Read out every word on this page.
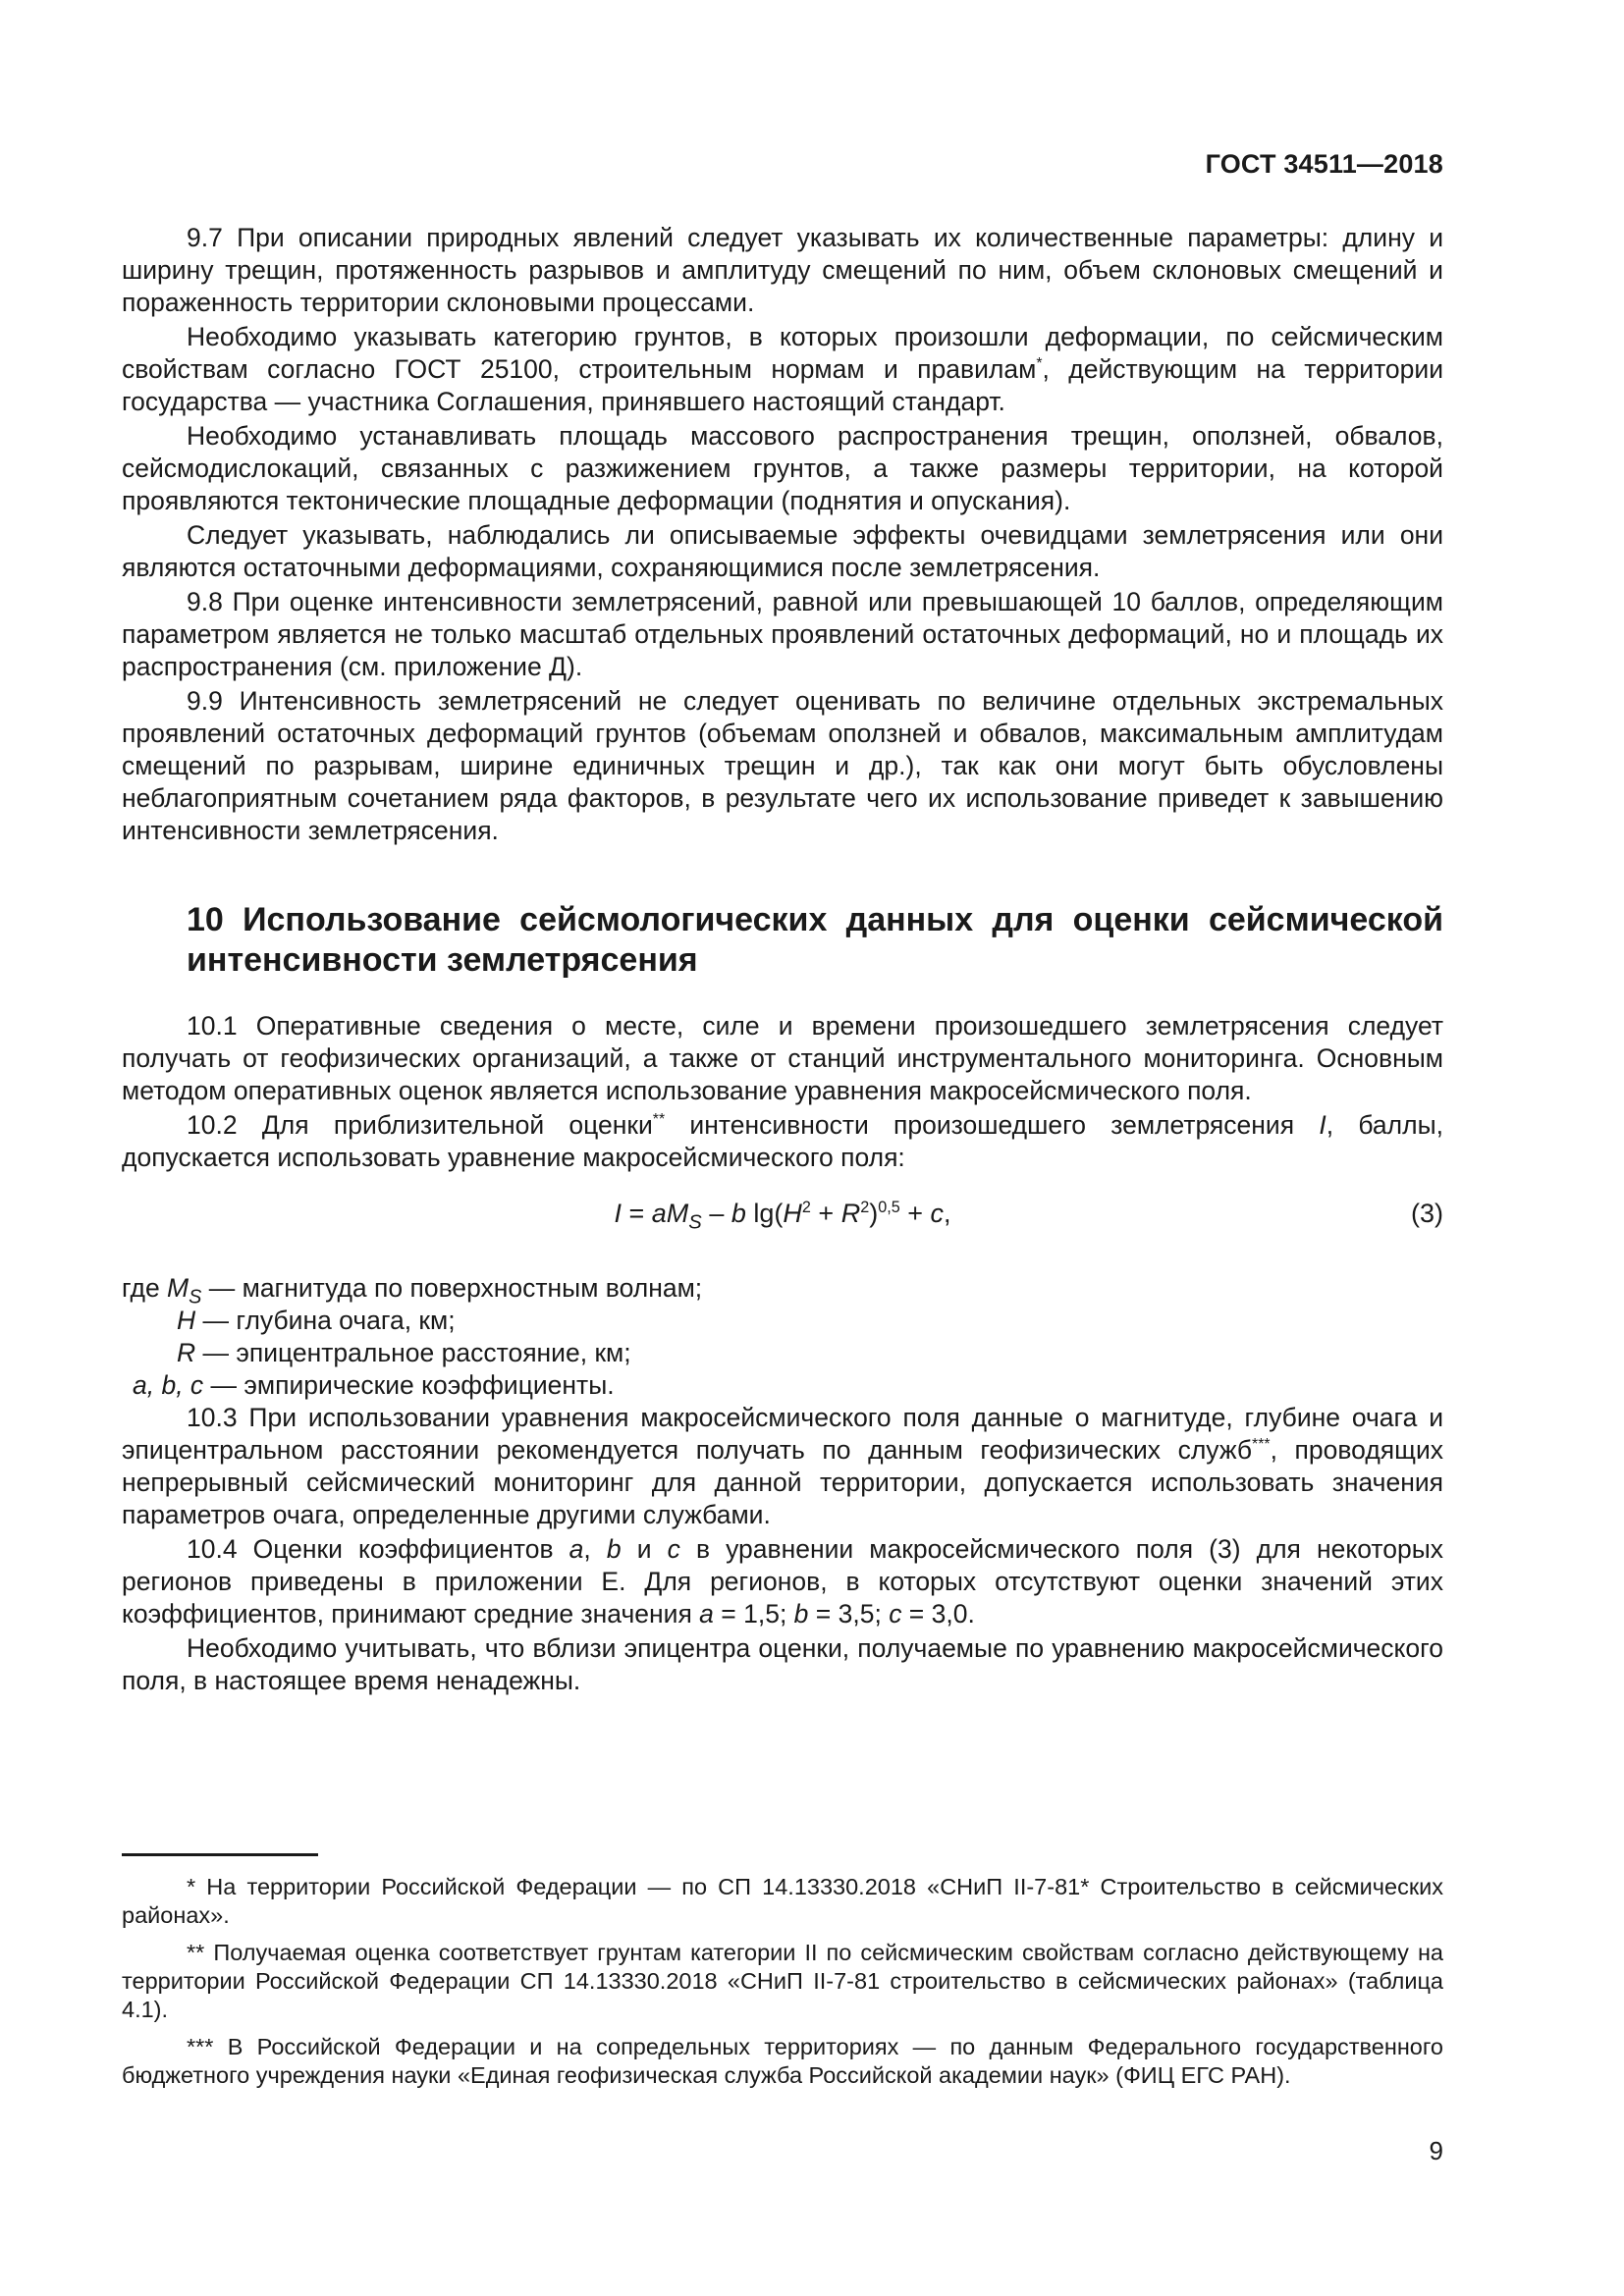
ГОСТ 34511—2018

9.7 При описании природных явлений следует указывать их количественные параметры: длину и ширину трещин, протяженность разрывов и амплитуду смещений по ним, объем склоновых смещений и пораженность территории склоновыми процессами.

Необходимо указывать категорию грунтов, в которых произошли деформации, по сейсмическим свойствам согласно ГОСТ 25100, строительным нормам и правилам*, действующим на территории государства — участника Соглашения, принявшего настоящий стандарт.

Необходимо устанавливать площадь массового распространения трещин, оползней, обвалов, сейсмодислокаций, связанных с разжижением грунтов, а также размеры территории, на которой проявляются тектонические площадные деформации (поднятия и опускания).

Следует указывать, наблюдались ли описываемые эффекты очевидцами землетрясения или они являются остаточными деформациями, сохраняющимися после землетрясения.

9.8 При оценке интенсивности землетрясений, равной или превышающей 10 баллов, определяющим параметром является не только масштаб отдельных проявлений остаточных деформаций, но и площадь их распространения (см. приложение Д).

9.9 Интенсивность землетрясений не следует оценивать по величине отдельных экстремальных проявлений остаточных деформаций грунтов (объемам оползней и обвалов, максимальным амплитудам смещений по разрывам, ширине единичных трещин и др.), так как они могут быть обусловлены неблагоприятным сочетанием ряда факторов, в результате чего их использование приведет к завышению интенсивности землетрясения.

10 Использование сейсмологических данных для оценки сейсмической интенсивности землетрясения

10.1 Оперативные сведения о месте, силе и времени произошедшего землетрясения следует получать от геофизических организаций, а также от станций инструментального мониторинга. Основным методом оперативных оценок является использование уравнения макросейсмического поля.

10.2 Для приблизительной оценки** интенсивности произошедшего землетрясения I, баллы, допускается использовать уравнение макросейсмического поля:

$I = aM_S - b$ $\lg(H^2 + R^2)^{0,5} + c$,	(3)
где $M_S$ — магнитуда по поверхностным волнам;
H — глубина очага, км;
R — эпицентральное расстояние, км;
a, b, c — эмпирические коэффициенты.

10.3 При использовании уравнения макросейсмического поля данные о магнитуде, глубине очага и эпицентральном расстоянии рекомендуется получать по данным геофизических служб***, проводящих непрерывный сейсмический мониторинг для данной территории, допускается использовать значения параметров очага, определенные другими службами.

10.4 Оценки коэффициентов a, b и c в уравнении макросейсмического поля (3) для некоторых регионов приведены в приложении Е. Для регионов, в которых отсутствуют оценки значений этих коэффициентов, принимают средние значения a = 1,5; b = 3,5; c = 3,0.

Необходимо учитывать, что вблизи эпицентра оценки, получаемые по уравнению макросейсмического поля, в настоящее время ненадежны.

* На территории Российской Федерации — по СП 14.13330.2018 «СНиП II-7-81* Строительство в сейсмических районах».

** Получаемая оценка соответствует грунтам категории II по сейсмическим свойствам согласно действующему на территории Российской Федерации СП 14.13330.2018 «СНиП II-7-81 строительство в сейсмических районах» (таблица 4.1).

*** В Российской Федерации и на сопредельных территориях — по данным Федерального государственного бюджетного учреждения науки «Единая геофизическая служба Российской академии наук» (ФИЦ ЕГС РАН).

9
